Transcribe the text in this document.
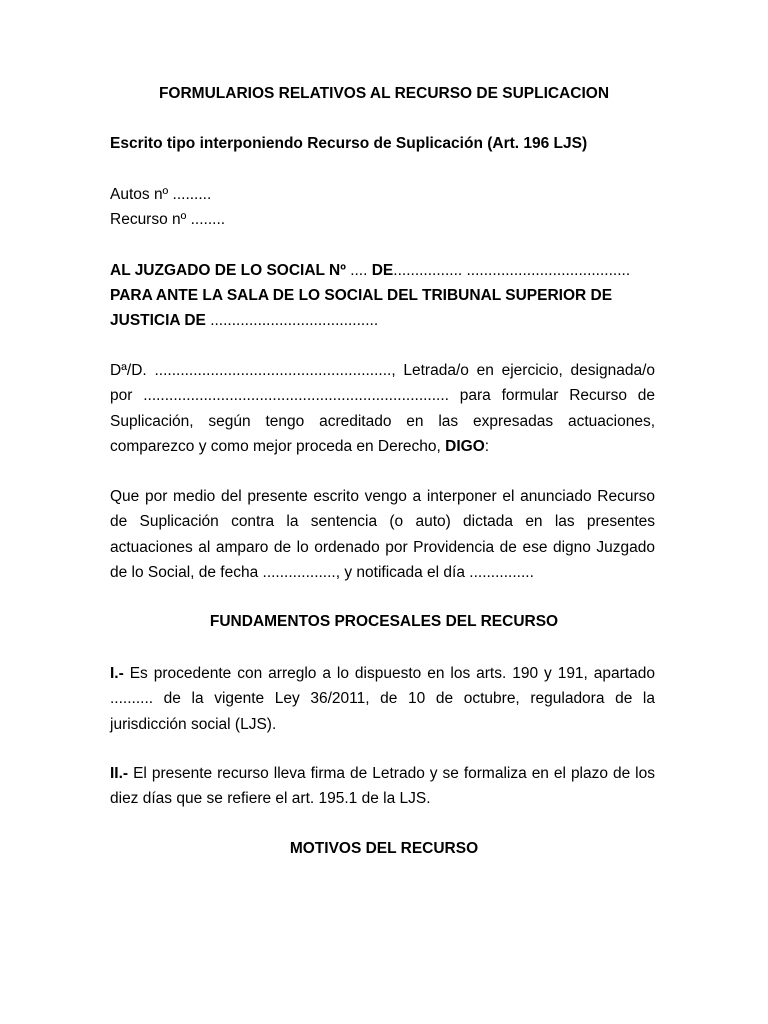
FORMULARIOS RELATIVOS AL RECURSO DE SUPLICACION
Escrito tipo interponiendo Recurso de Suplicación (Art. 196 LJS)
Autos nº .........
Recurso nº ........
AL JUZGADO DE LO SOCIAL Nº .... DE................ ......................................
PARA ANTE LA SALA DE LO SOCIAL DEL TRIBUNAL SUPERIOR DE
JUSTICIA DE .......................................
Dª/D. ......................................................., Letrada/o en ejercicio, designada/o por ....................................................................... para formular Recurso de Suplicación, según tengo acreditado en las expresadas actuaciones, comparezco y como mejor proceda en Derecho, DIGO:
Que por medio del presente escrito vengo a interponer el anunciado Recurso de Suplicación contra la sentencia (o auto) dictada en las presentes actuaciones al amparo de lo ordenado por Providencia de ese digno Juzgado de lo Social, de fecha ................., y notificada el día ...............
FUNDAMENTOS PROCESALES DEL RECURSO
I.- Es procedente con arreglo a lo dispuesto en los arts. 190 y 191, apartado .......... de la vigente Ley 36/2011, de 10 de octubre, reguladora de la jurisdicción social (LJS).
II.- El presente recurso lleva firma de Letrado y se formaliza en el plazo de los diez días que se refiere el art. 195.1 de la LJS.
MOTIVOS DEL RECURSO
